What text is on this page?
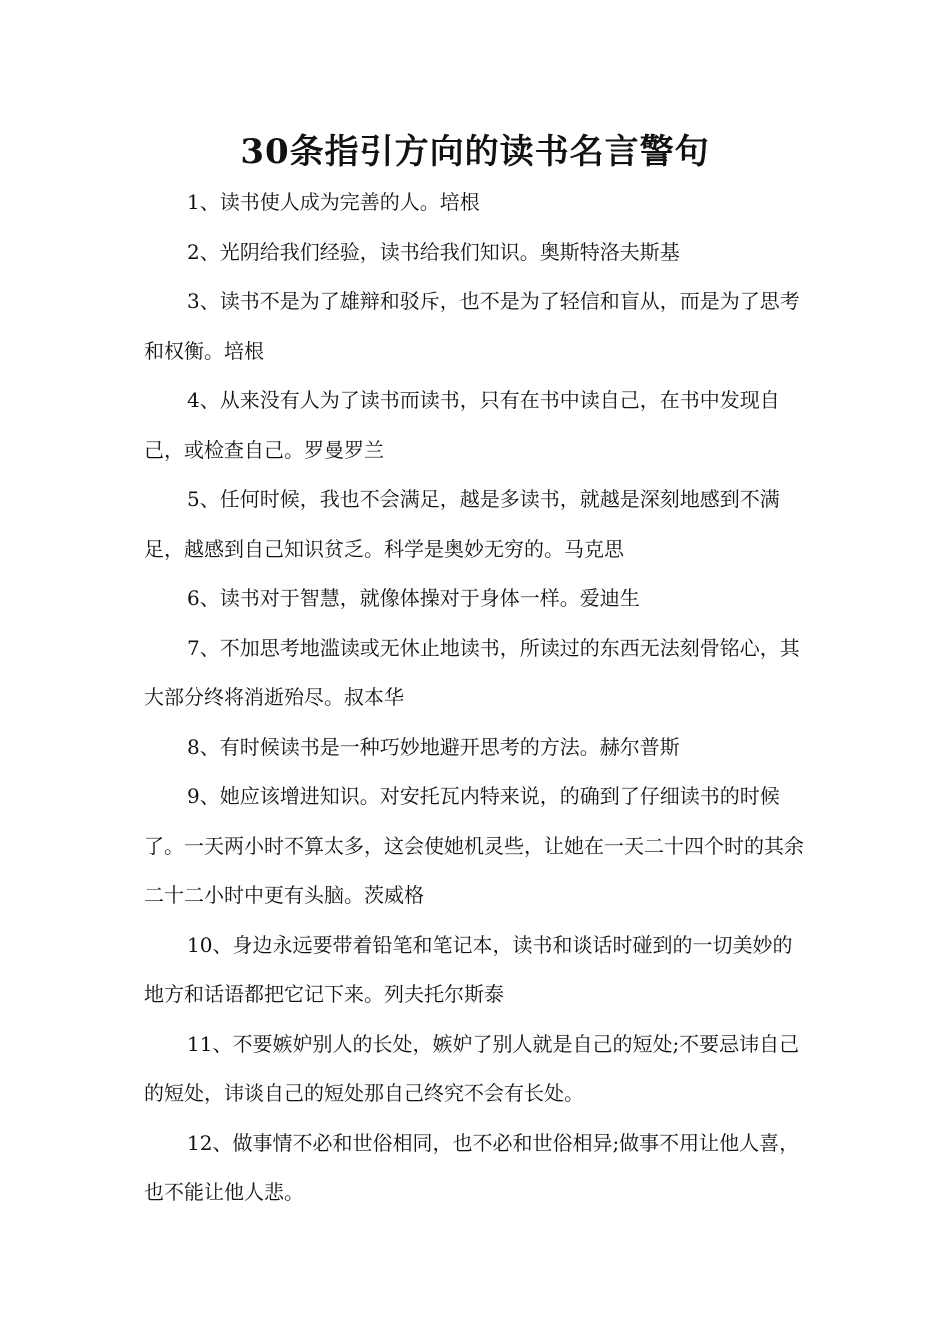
30条指引方向的读书名言警句

1、读书使人成为完善的人。培根

2、光阴给我们经验，读书给我们知识。奥斯特洛夫斯基

3、读书不是为了雄辩和驳斥，也不是为了轻信和盲从，而是为了思考和权衡。培根

4、从来没有人为了读书而读书，只有在书中读自己，在书中发现自己，或检查自己。罗曼罗兰

5、任何时候，我也不会满足，越是多读书，就越是深刻地感到不满足，越感到自己知识贫乏。科学是奥妙无穷的。马克思

6、读书对于智慧，就像体操对于身体一样。爱迪生

7、不加思考地滥读或无休止地读书，所读过的东西无法刻骨铭心，其大部分终将消逝殆尽。叔本华

8、有时候读书是一种巧妙地避开思考的方法。赫尔普斯

9、她应该增进知识。对安托瓦内特来说，的确到了仔细读书的时候了。一天两小时不算太多，这会使她机灵些，让她在一天二十四个时的其余二十二小时中更有头脑。茨威格

10、身边永远要带着铅笔和笔记本，读书和谈话时碰到的一切美妙的地方和话语都把它记下来。列夫托尔斯泰

11、不要嫉妒别人的长处，嫉妒了别人就是自己的短处;不要忌讳自己的短处，讳谈自己的短处那自己终究不会有长处。

12、做事情不必和世俗相同，也不必和世俗相异;做事不用让他人喜，也不能让他人悲。
